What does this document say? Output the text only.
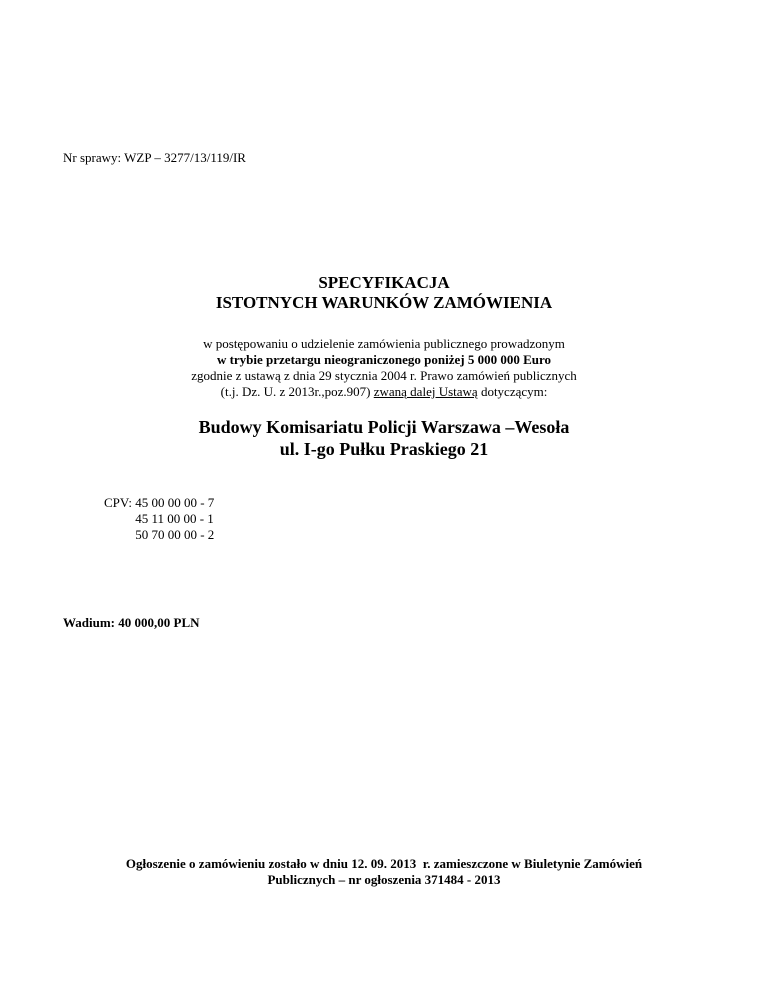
Nr sprawy: WZP – 3277/13/119/IR
SPECYFIKACJA
ISTOTNYCH WARUNKÓW ZAMÓWIENIA
w postępowaniu o udzielenie zamówienia publicznego prowadzonym
w trybie przetargu nieograniczonego poniżej 5 000 000 Euro
zgodnie z ustawą z dnia 29 stycznia 2004 r. Prawo zamówień publicznych
(t.j. Dz. U. z 2013r.,poz.907) zwaną dalej Ustawą dotyczącym:
Budowy Komisariatu Policji Warszawa –Wesoła
ul. I-go Pułku Praskiego 21
CPV: 45 00 00 00 - 7
45 11 00 00 - 1
50 70 00 00 - 2
Wadium: 40 000,00 PLN
Ogłoszenie o zamówieniu zostało w dniu 12. 09. 2013  r. zamieszczone w Biuletynie Zamówień
Publicznych – nr ogłoszenia 371484 - 2013
